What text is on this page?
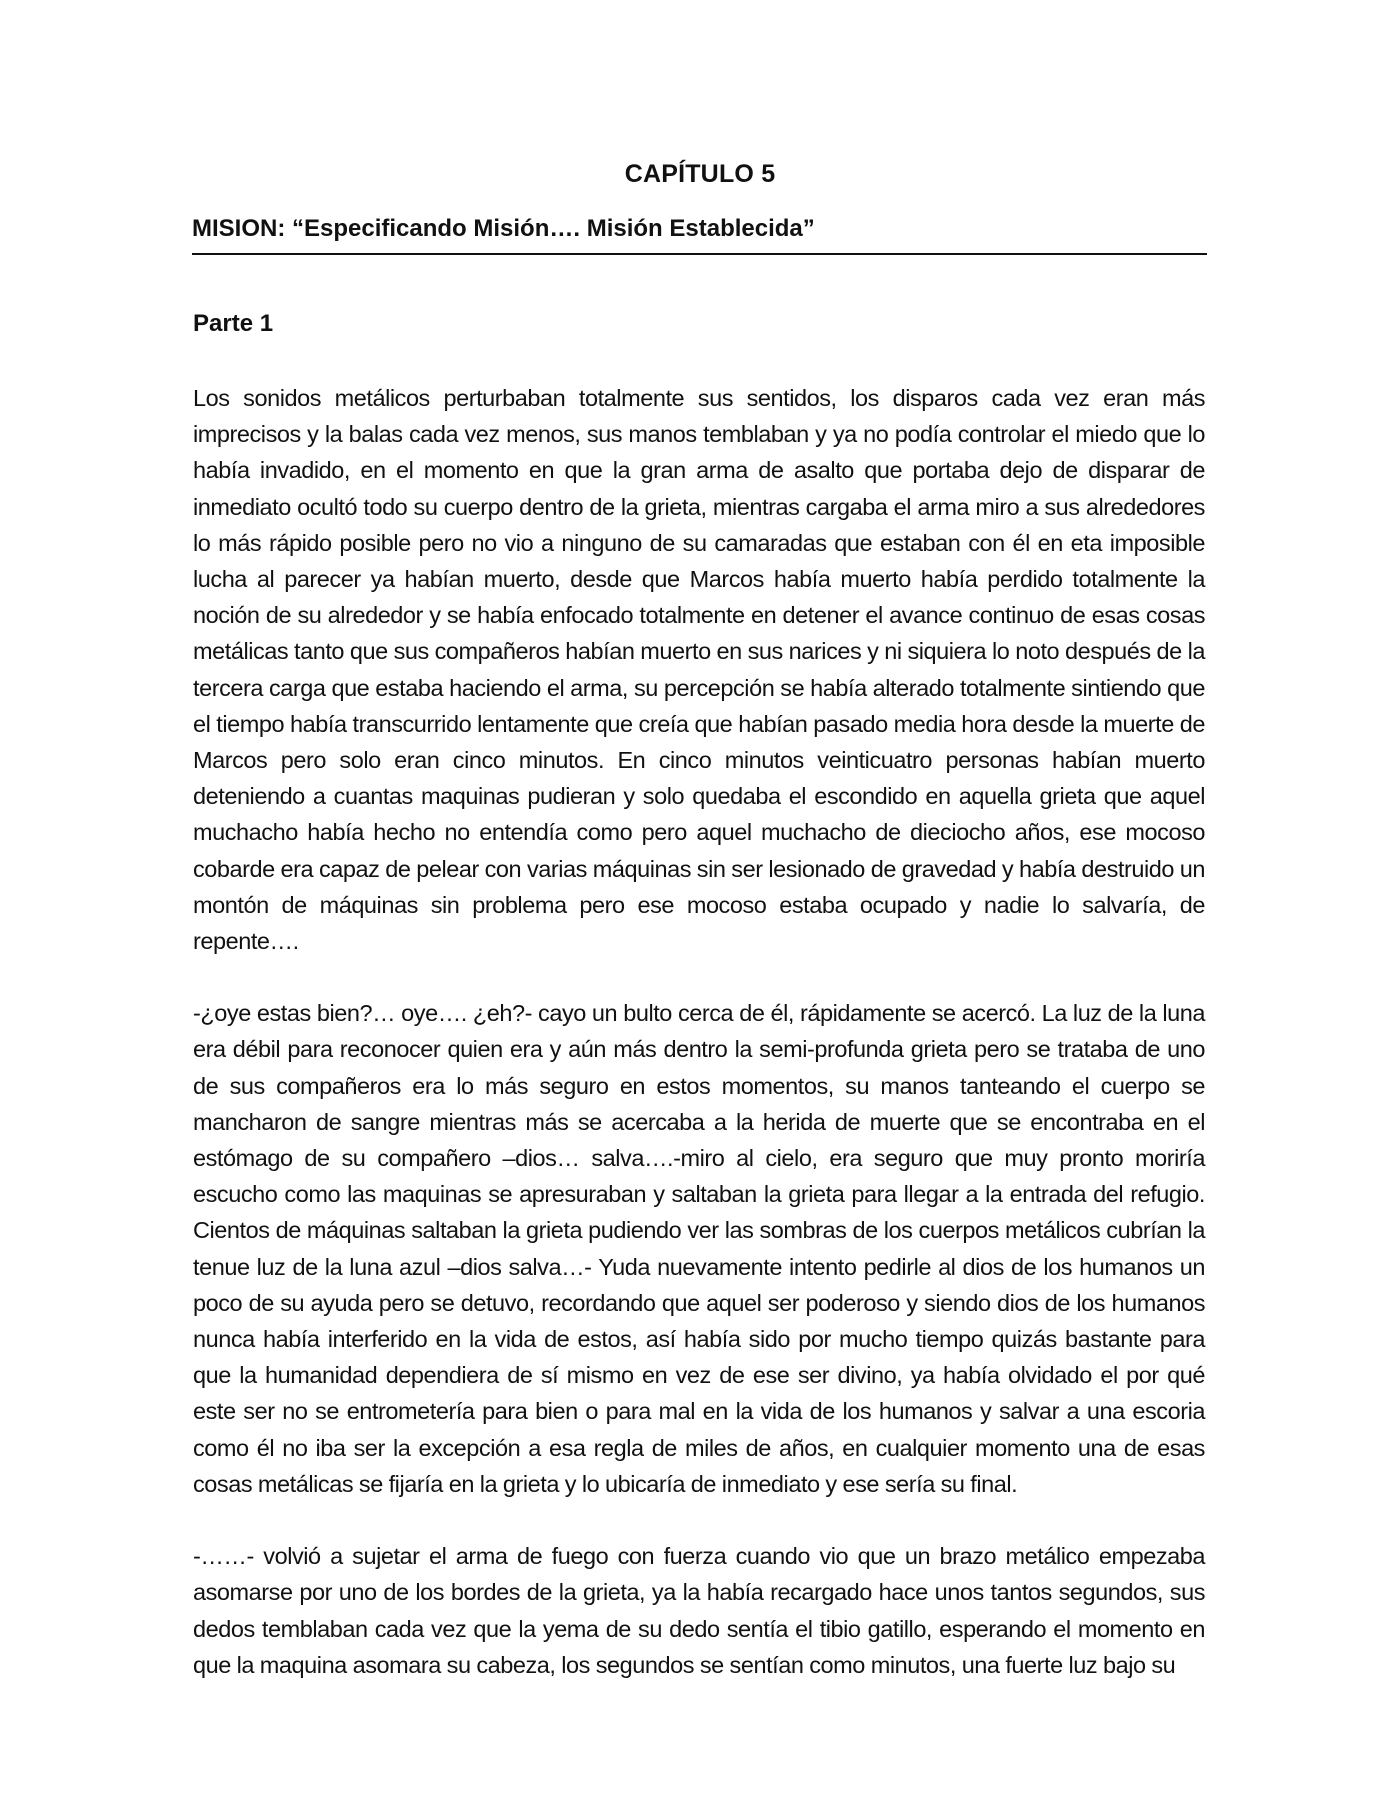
CAPÍTULO 5
MISION: “Especificando Misión…. Misión Establecida”
Parte 1

Los sonidos metálicos perturbaban totalmente sus sentidos, los disparos cada vez eran más imprecisos y la balas cada vez menos, sus manos temblaban y ya no podía controlar el miedo que lo había invadido, en el momento en que la gran arma de asalto que portaba dejo de disparar de inmediato ocultó todo su cuerpo dentro de la grieta, mientras cargaba el arma miro a sus alrededores lo más rápido posible pero no vio a ninguno de su camaradas que estaban con él en eta imposible lucha al parecer ya habían muerto, desde que Marcos había muerto había perdido totalmente la noción de su alrededor y se había enfocado totalmente en detener el avance continuo de esas cosas metálicas tanto que sus compañeros habían muerto en sus narices y ni siquiera lo noto después de la tercera carga que estaba haciendo el arma, su percepción se había alterado totalmente sintiendo que el tiempo había transcurrido lentamente que creía que habían pasado media hora desde la muerte de Marcos pero solo eran cinco minutos. En cinco minutos veinticuatro personas habían muerto deteniendo a cuantas maquinas pudieran y solo quedaba el escondido en aquella grieta que aquel muchacho había hecho no entendía como pero aquel muchacho de dieciocho años, ese mocoso cobarde era capaz de pelear con varias máquinas sin ser lesionado de gravedad y había destruido un montón de máquinas sin problema pero ese mocoso estaba ocupado y nadie lo salvaría, de repente….

-¿oye estas bien?… oye…. ¿eh?- cayo un bulto cerca de él, rápidamente se acercó. La luz de la luna era débil para reconocer quien era y aún más dentro la semi-profunda grieta pero se trataba de uno de sus compañeros era lo más seguro en estos momentos, su manos tanteando el cuerpo se mancharon de sangre mientras más se acercaba a la herida de muerte que se encontraba en el estómago de su compañero –dios… salva….-miro al cielo, era seguro que muy pronto moriría escucho como las maquinas se apresuraban y saltaban la grieta para llegar a la entrada del refugio. Cientos de máquinas saltaban la grieta pudiendo ver las sombras de los cuerpos metálicos cubrían la tenue luz de la luna azul –dios salva…- Yuda nuevamente intento pedirle al dios de los humanos un poco de su ayuda pero se detuvo, recordando que aquel ser poderoso y siendo dios de los humanos nunca había interferido en la vida de estos, así había sido por mucho tiempo quizás bastante para que la humanidad dependiera de sí mismo en vez de ese ser divino, ya había olvidado el por qué este ser no se entrometería para bien o para mal en la vida de los humanos y salvar a una escoria como él no iba ser la excepción a esa regla de miles de años, en cualquier momento una de esas cosas metálicas se fijaría en la grieta y lo ubicaría de inmediato y ese sería su final.

-……- volvió a sujetar el arma de fuego con fuerza cuando vio que un brazo metálico empezaba asomarse por uno de los bordes de la grieta, ya la había recargado hace unos tantos segundos, sus dedos temblaban cada vez que la yema de su dedo sentía el tibio gatillo, esperando el momento en que la maquina asomara su cabeza, los segundos se sentían como minutos, una fuerte luz bajo su
